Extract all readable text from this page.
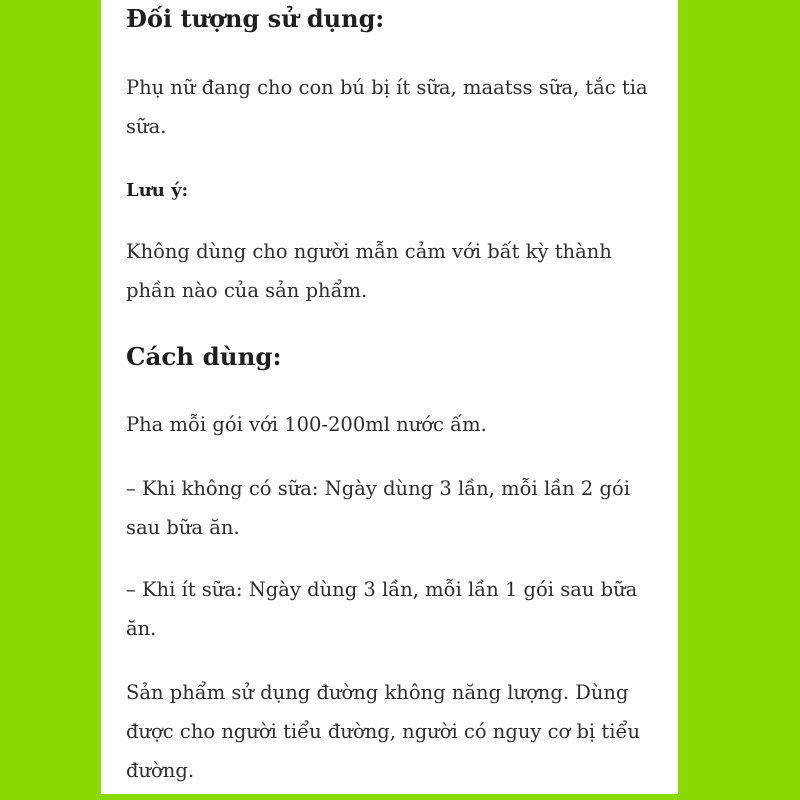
Đối tượng sử dụng:

Phụ nữ đang cho con bú bị ít sữa, maatss sữa, tắc tia sữa.

Lưu ý:

Không dùng cho người mẫn cảm với bất kỳ thành phần nào của sản phẩm.

Cách dùng:

Pha mỗi gói với 100-200ml nước ấm.

– Khi không có sữa: Ngày dùng 3 lần, mỗi lần 2 gói sau bữa ăn.

– Khi ít sữa: Ngày dùng 3 lần, mỗi lần 1 gói sau bữa ăn.

Sản phẩm sử dụng đường không năng lượng. Dùng được cho người tiểu đường, người có nguy cơ bị tiểu đường.
